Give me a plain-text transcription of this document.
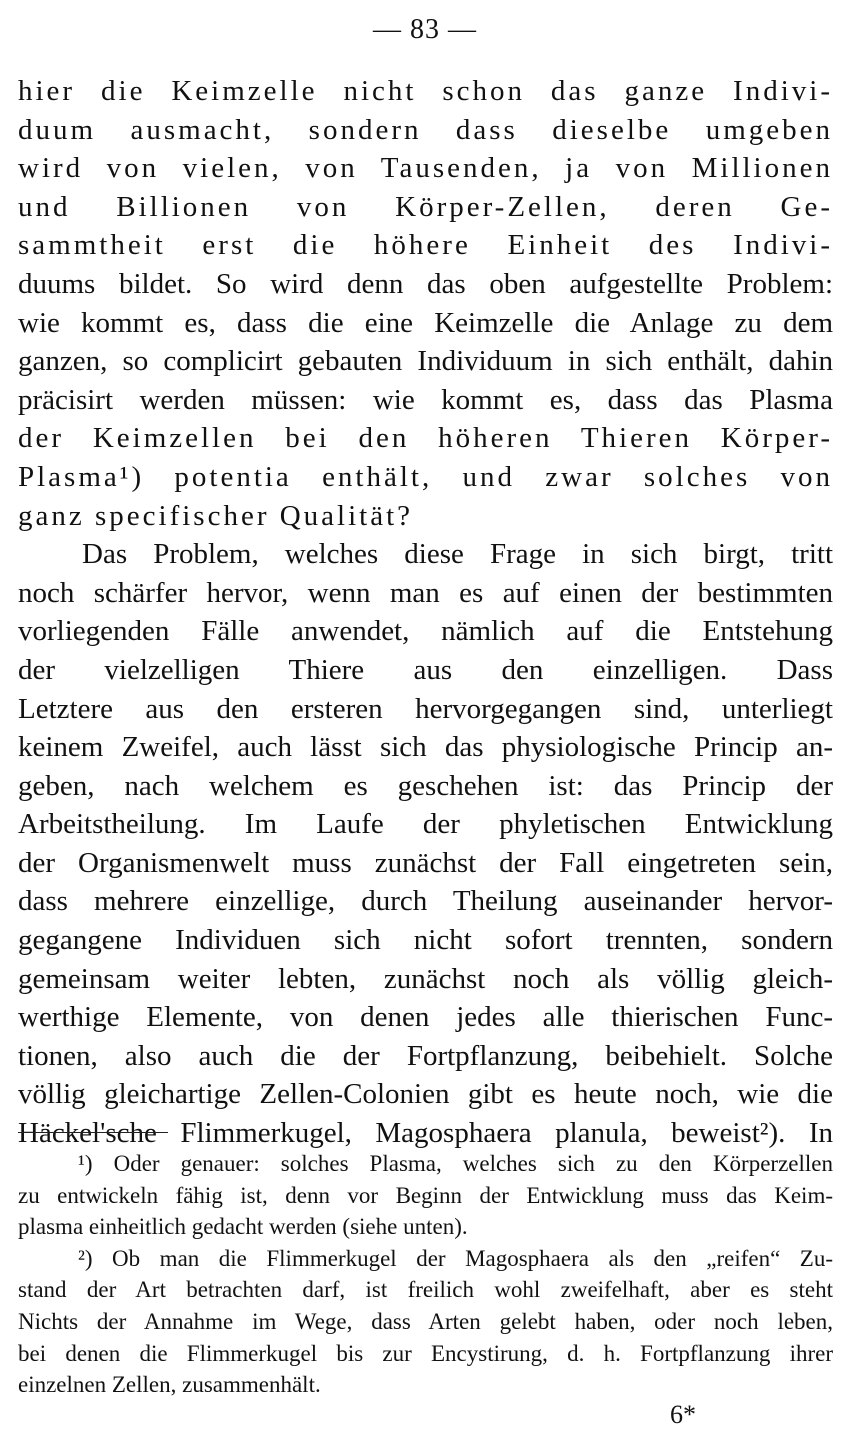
— 83 —
hier die Keimzelle nicht schon das ganze Indivi-
duum ausmacht, sondern dass dieselbe umgeben
wird von vielen, von Tausenden, ja von Millionen
und Billionen von Körper-Zellen, deren Ge-
sammtheit erst die höhere Einheit des Indivi-
duums bildet. So wird denn das oben aufgestellte Problem:
wie kommt es, dass die eine Keimzelle die Anlage zu dem
ganzen, so complicirt gebauten Individuum in sich enthält, dahin
präcisirt werden müssen: wie kommt es, dass das Plasma
der Keimzellen bei den höheren Thieren Körper-
Plasma¹) potentia enthält, und zwar solches von
ganz specifischer Qualität?
Das Problem, welches diese Frage in sich birgt, tritt
noch schärfer hervor, wenn man es auf einen der bestimmten
vorliegenden Fälle anwendet, nämlich auf die Entstehung
der vielzelligen Thiere aus den einzelligen. Dass
Letztere aus den ersteren hervorgegangen sind, unterliegt
keinem Zweifel, auch lässt sich das physiologische Princip an-
geben, nach welchem es geschehen ist: das Princip der
Arbeitstheilung. Im Laufe der phyletischen Entwicklung
der Organismenwelt muss zunächst der Fall eingetreten sein,
dass mehrere einzellige, durch Theilung auseinander hervor-
gegangene Individuen sich nicht sofort trennten, sondern
gemeinsam weiter lebten, zunächst noch als völlig gleich-
werthige Elemente, von denen jedes alle thierischen Func-
tionen, also auch die der Fortpflanzung, beibehielt. Solche
völlig gleichartige Zellen-Colonien gibt es heute noch, wie die
Häckel'sche Flimmerkugel, Magosphaera planula, beweist²). In
¹) Oder genauer: solches Plasma, welches sich zu den Körperzellen
zu entwickeln fähig ist, denn vor Beginn der Entwicklung muss das Keim-
plasma einheitlich gedacht werden (siehe unten).
²) Ob man die Flimmerkugel der Magosphaera als den „reifen“ Zu-
stand der Art betrachten darf, ist freilich wohl zweifelhaft, aber es steht
Nichts der Annahme im Wege, dass Arten gelebt haben, oder noch leben,
bei denen die Flimmerkugel bis zur Encystirung, d. h. Fortpflanzung ihrer
einzelnen Zellen, zusammenhält.
6*
